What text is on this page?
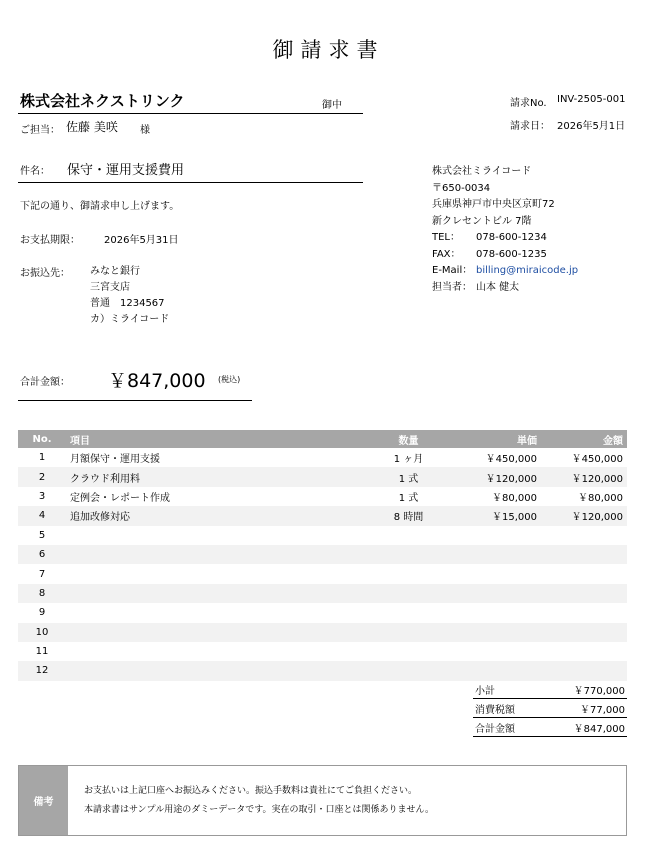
御請求書
株式会社ネクストリンク	御中
ご担当： 佐藤 美咲 様
請求No. INV-2505-001
請求日： 2026年5月1日
件名： 保守・運用支援費用
下記の通り、御請求申し上げます。
お支払期限： 2026年5月31日
お振込先： みなと銀行
三宮支店
普通　1234567
カ）ミライコード
株式会社ミライコード
〒650-0034
兵庫県神戸市中央区京町72
新クレセントビル 7階
TEL： 078-600-1234
FAX： 078-600-1235
E-Mail： billing@miraicode.jp
担当者： 山本 健太
合計金額： ￥847,000 (税込)
No.	項目	数量	単価	金額
1	月額保守・運用支援	1 ヶ月	￥450,000	￥450,000
2	クラウド利用料	1 式	￥120,000	￥120,000
3	定例会・レポート作成	1 式	￥80,000	￥80,000
4	追加改修対応	8 時間	￥15,000	￥120,000
5				
6				
7				
8				
9				
10				
11				
12				
小計	￥770,000
消費税額	￥77,000
合計金額	￥847,000
備考
お支払いは上記口座へお振込みください。振込手数料は貴社にてご負担ください。
本請求書はサンプル用途のダミーデータです。実在の取引・口座とは関係ありません。
